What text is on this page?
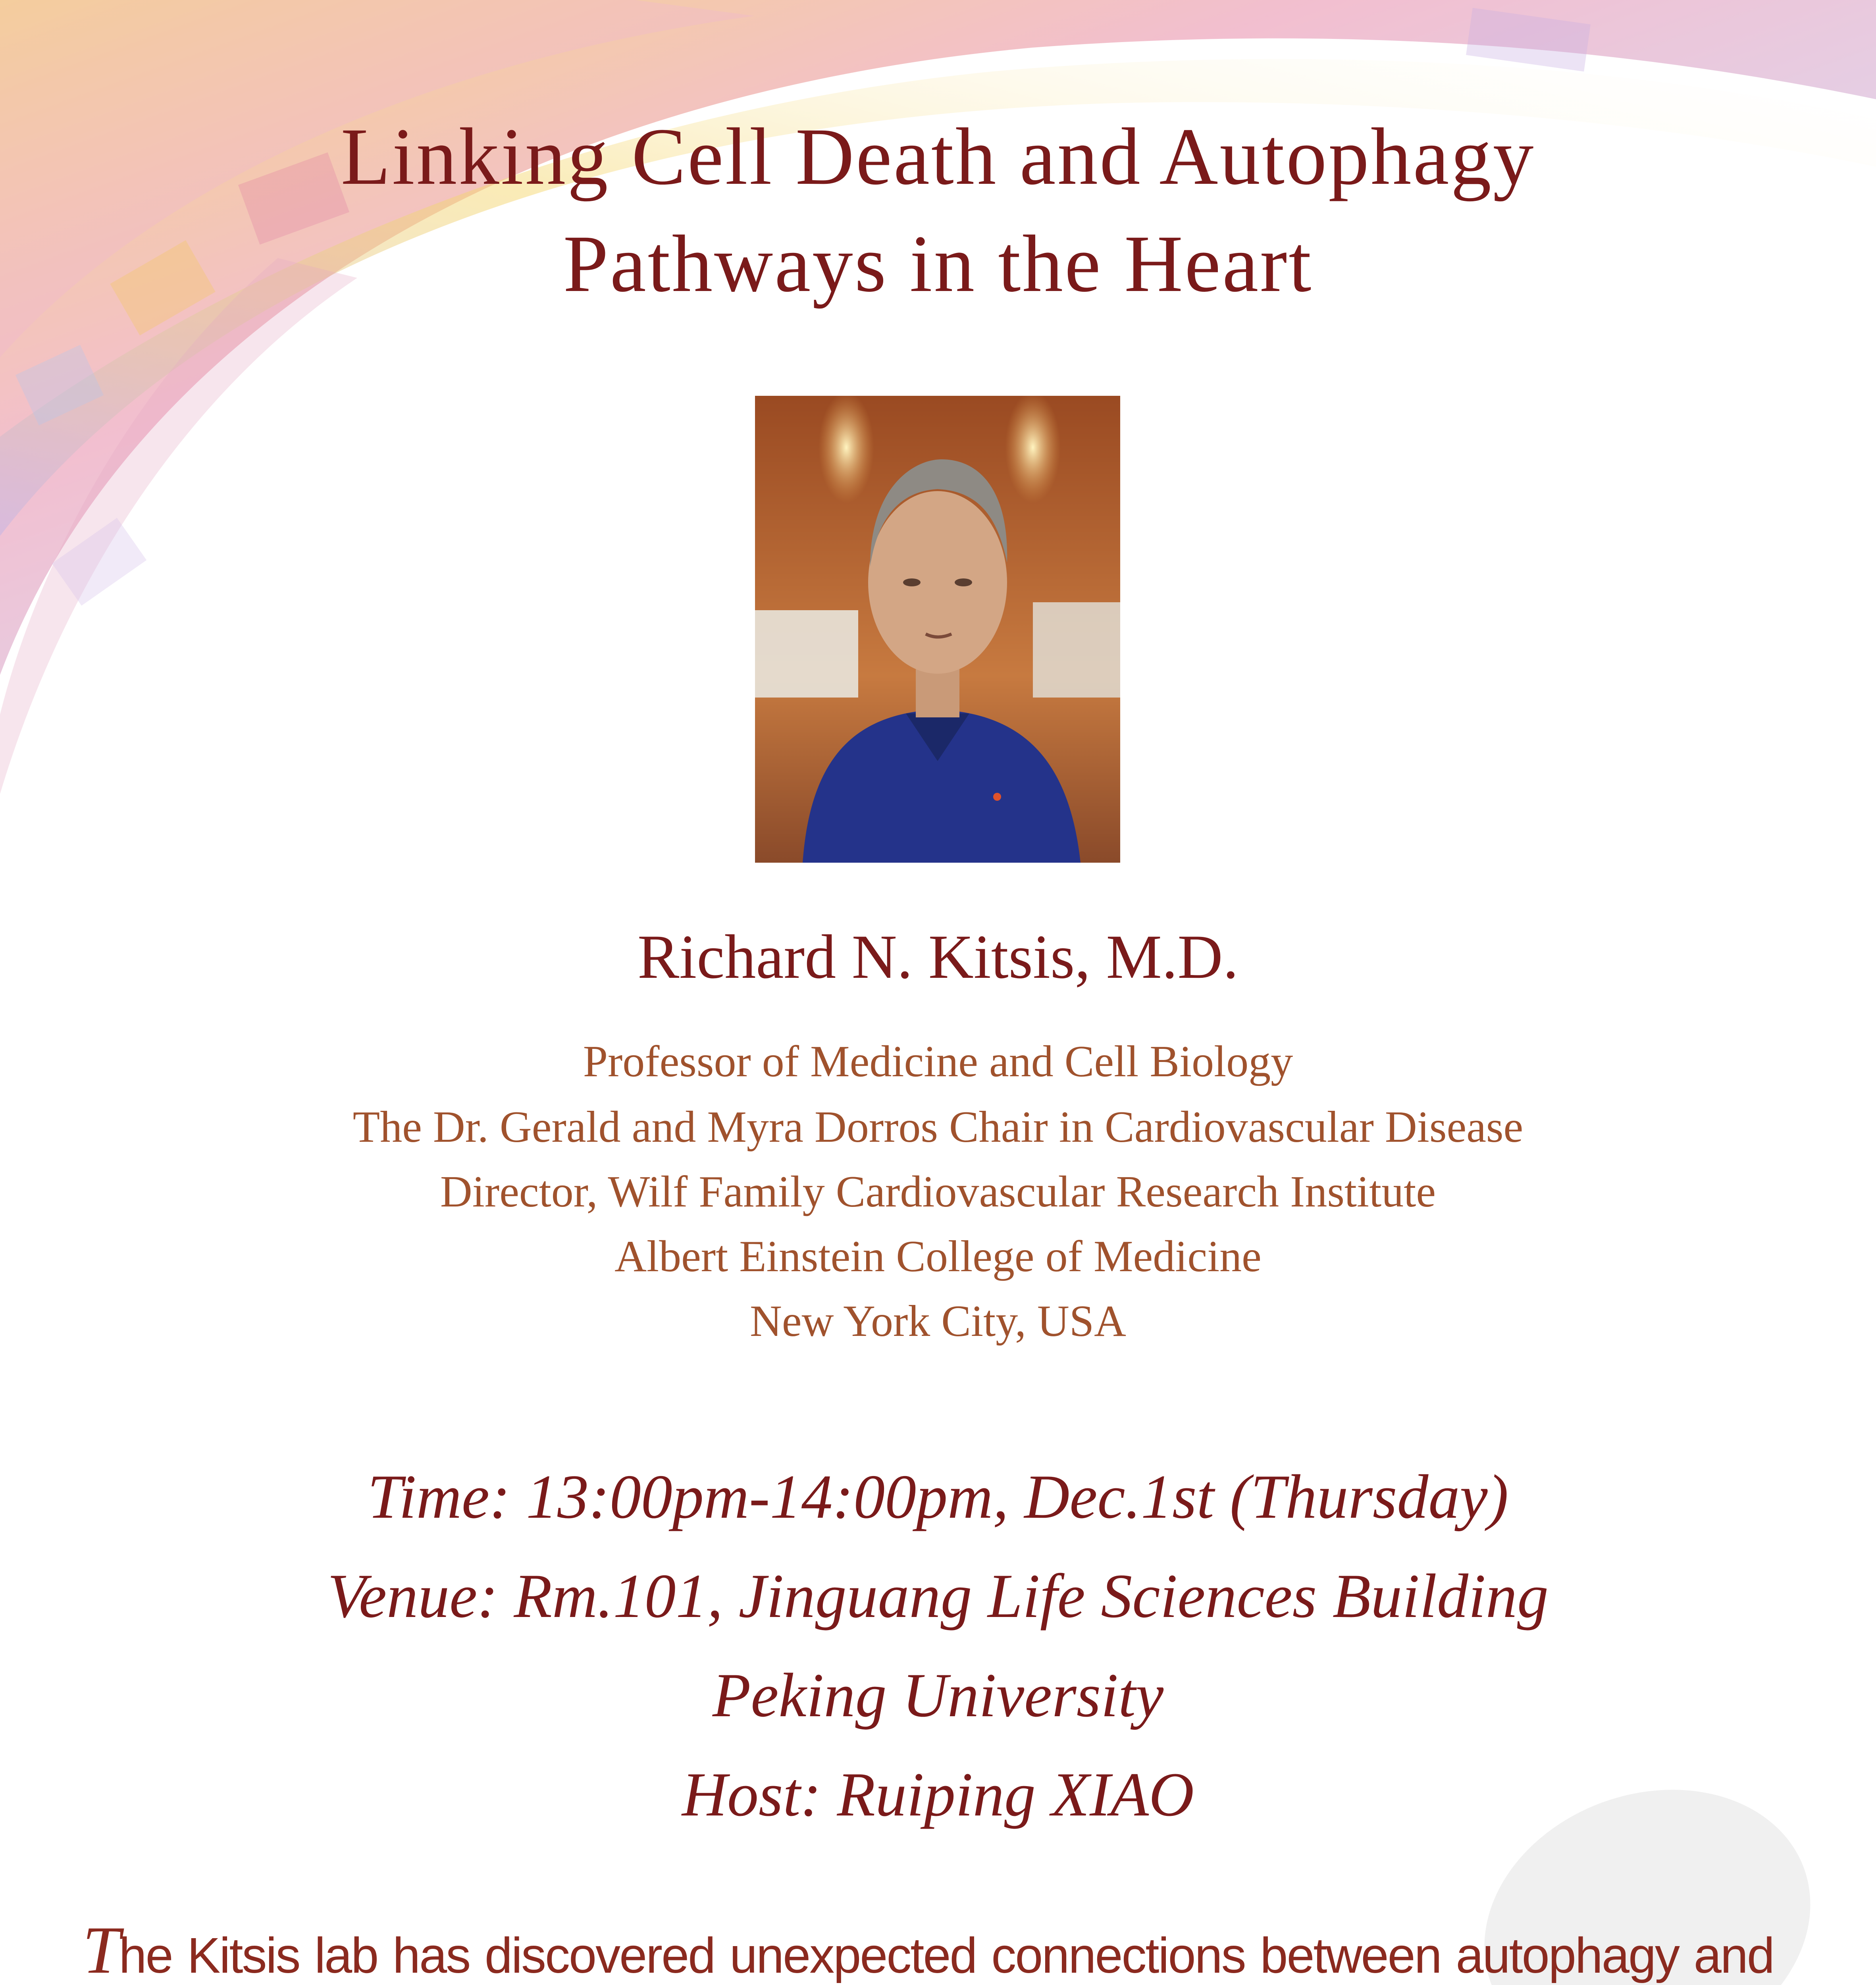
Linking Cell Death and Autophagy
Pathways in the Heart
Richard N. Kitsis, M.D.
Professor of Medicine and Cell Biology
The Dr. Gerald and Myra Dorros Chair in Cardiovascular Disease
Director, Wilf Family Cardiovascular Research Institute
Albert Einstein College of Medicine
New York City, USA
Time: 13:00pm-14:00pm, Dec.1st (Thursday)
Venue: Rm.101, Jinguang Life Sciences Building
Peking University
Host: Ruiping XIAO
The Kitsis lab has discovered unexpected connections between autophagy and
